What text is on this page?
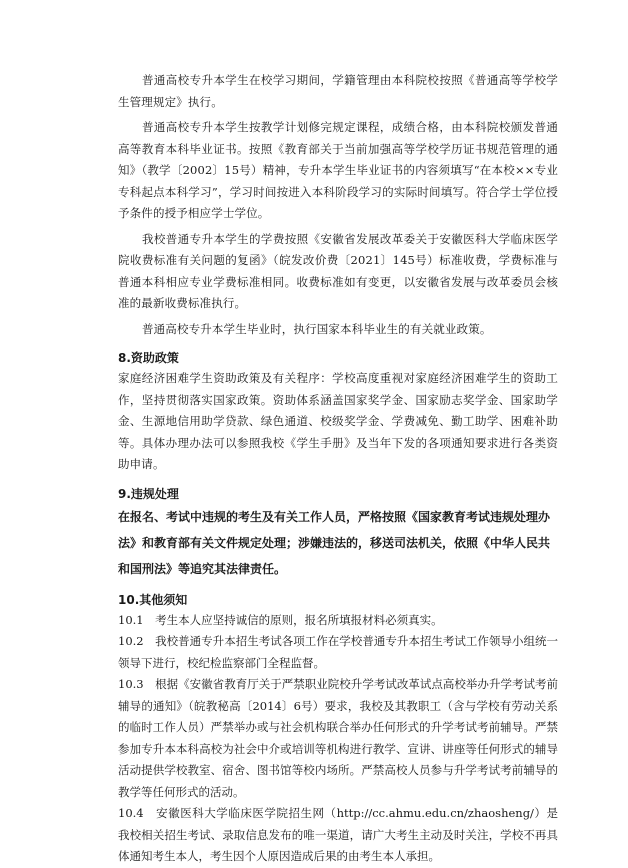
普通高校专升本学生在校学习期间，学籍管理由本科院校按照《普通高等学校学生管理规定》执行。

普通高校专升本学生按教学计划修完规定课程，成绩合格，由本科院校颁发普通高等教育本科毕业证书。按照《教育部关于当前加强高等学校学历证书规范管理的通知》（教学〔2002〕15号）精神，专升本学生毕业证书的内容须填写“在本校××专业专科起点本科学习”，学习时间按进入本科阶段学习的实际时间填写。符合学士学位授予条件的授予相应学士学位。

我校普通专升本学生的学费按照《安徽省发展改革委关于安徽医科大学临床医学院收费标准有关问题的复函》（皖发改价费〔2021〕145号）标准收费，学费标准与普通本科相应专业学费标准相同。收费标准如有变更，以安徽省发展与改革委员会核准的最新收费标准执行。

普通高校专升本学生毕业时，执行国家本科毕业生的有关就业政策。

8.资助政策

家庭经济困难学生资助政策及有关程序：学校高度重视对家庭经济困难学生的资助工作，坚持贯彻落实国家政策。资助体系涵盖国家奖学金、国家励志奖学金、国家助学金、生源地信用助学贷款、绿色通道、校级奖学金、学费减免、勤工助学、困难补助等。具体办理办法可以参照我校《学生手册》及当年下发的各项通知要求进行各类资助申请。

9.违规处理

在报名、考试中违规的考生及有关工作人员，严格按照《国家教育考试违规处理办法》和教育部有关文件规定处理；涉嫌违法的，移送司法机关，依照《中华人民共和国刑法》等追究其法律责任。

10.其他须知

10.1　考生本人应坚持诚信的原则，报名所填报材料必须真实。

10.2　我校普通专升本招生考试各项工作在学校普通专升本招生考试工作领导小组统一领导下进行，校纪检监察部门全程监督。

10.3　根据《安徽省教育厅关于严禁职业院校升学考试改革试点高校举办升学考试考前辅导的通知》（皖教秘高〔2014〕6号）要求，我校及其教职工（含与学校有劳动关系的临时工作人员）严禁举办或与社会机构联合举办任何形式的升学考试考前辅导。严禁参加专升本本科高校为社会中介或培训等机构进行教学、宣讲、讲座等任何形式的辅导活动提供学校教室、宿舍、图书馆等校内场所。严禁高校人员参与升学考试考前辅导的教学等任何形式的活动。

10.4　安徽医科大学临床医学院招生网（http://cc.ahmu.edu.cn/zhaosheng/）是我校相关招生考试、录取信息发布的唯一渠道，请广大考生主动及时关注，学校不再具体通知考生本人，考生因个人原因造成后果的由考生本人承担。
